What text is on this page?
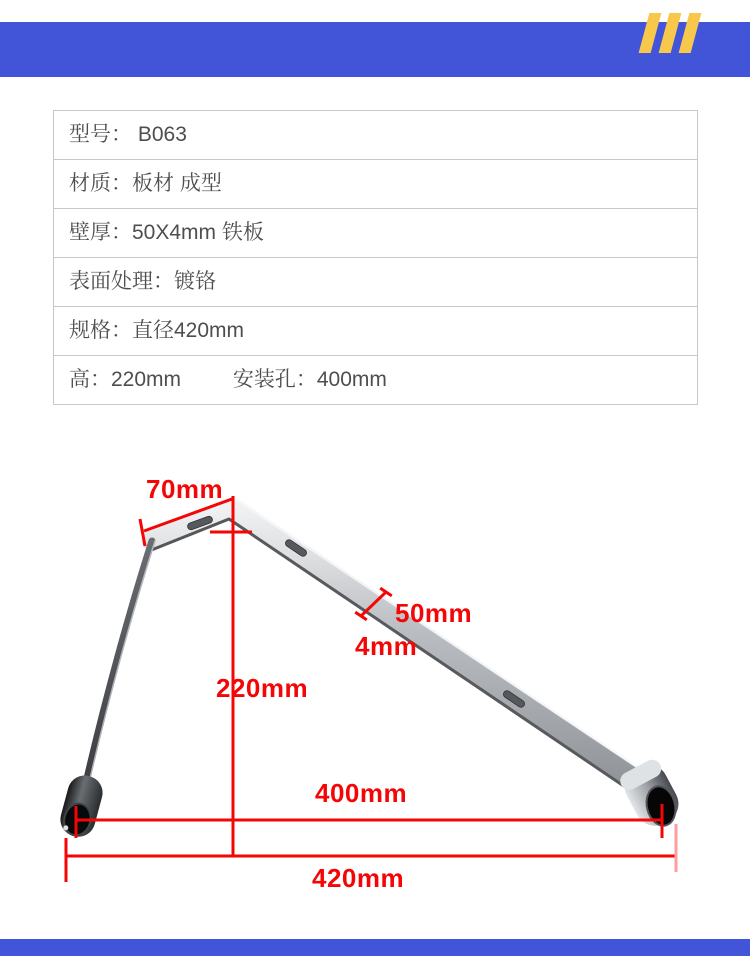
型号： B063
材质：板材 成型
壁厚：50X4mm 铁板
表面处理：镀铬
规格：直径420mm
高：220mm 安装孔：400mm
70mm
220mm
50mm
4mm
400mm
420mm
